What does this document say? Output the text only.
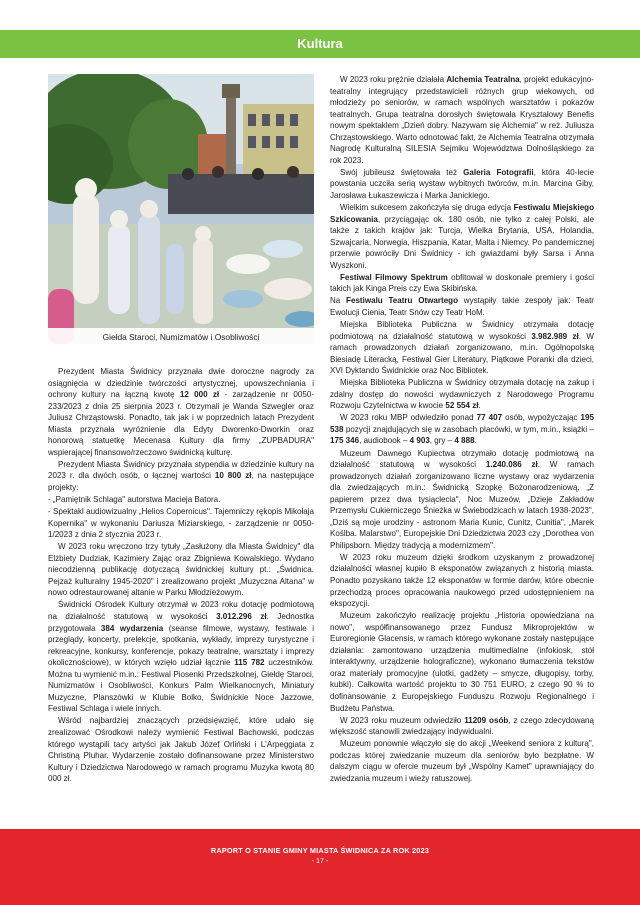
Kultura
Giełda Staroci, Numizmatów i Osobliwości

Prezydent Miasta Świdnicy przyznała dwie doroczne nagrody za osiągnięcia w dziedzinie twórczości artystycznej, upowszechniania i ochrony kultury na łączną kwotę 12 000 zł - zarządzenie nr 0050-233/2023 z dnia 25 sierpnia 2023 r. Otrzymali je Wanda Szwegler oraz Juliusz Chrząstowski. Ponadto, tak jak i w poprzednich latach Prezydent Miasta przyznała wyróżnienie dla Edyty Dworenko-Dworkin oraz honorową statuetkę Mecenasa Kultury dla firmy „ZUPBADURA" wspierającej finansowo/rzeczowo świdnicką kulturę.

Prezydent Miasta Świdnicy przyznała stypendia w dziedzinie kultury na 2023 r. dla dwóch osób, o łącznej wartości 10 800 zł, na następujące projekty:

- „Pamiętnik Schlaga" autorstwa Macieja Batora.

- Spektakl audiowizualny „Helios Copernicus". Tajemniczy rękopis Mikołaja Kopernika" w wykonaniu Dariusza Miziarskiego, - zarządzenie nr 0050-1/2023 z dnia 2 stycznia 2023 r.

W 2023 roku wręczono trzy tytuły „Zasłużony dla Miasta Świdnicy" dla Elżbiety Dudziak, Kazimiery Zając oraz Zbigniewa Kowalskiego. Wydano niecodzienną publikację dotyczącą świdnickiej kultury pt.: „Świdnica. Pejzaż kulturalny 1945-2020" i zrealizowano projekt „Muzyczna Altana" w nowo odrestaurowanej altanie w Parku Młodzieżowym.

Świdnicki Ośrodek Kultury otrzymał w 2023 roku dotację podmiotową na działalność statutową w wysokości 3.012.296 zł. Jednostka przygotowała 384 wydarzenia (seanse filmowe, wystawy, festiwale i przeglądy, koncerty, prelekcje, spotkania, wykłady, imprezy turystyczne i rekreacyjne, konkursy, konferencje, pokazy teatralne, warsztaty i imprezy okolicznościowe), w których wzięło udział łącznie 115 782 uczestników. Można tu wymienić m.in.: Festiwal Piosenki Przedszkolnej, Giełdę Staroci, Numizmatów i Osobliwości, Konkurs Palm Wielkanocnych, Miniatury Muzyczne, Planszówki w Klubie Bolko, Świdnickie Noce Jazzowe, Festiwal Schlaga i wiele innych.

Wśród najbardziej znaczących przedsięwzięć, które udało się zrealizować Ośrodkowi należy wymienić Festiwal Bachowski, podczas którego wystąpili tacy artyści jak Jakub Józef Orliński i L'Arpeggiata z Christiną Pluhar. Wydarzenie zostało dofinansowane przez Ministerstwo Kultury i Dziedzictwa Narodowego w ramach programu Muzyka kwotą 80 000 zł.

W 2023 roku prężnie działała Alchemia Teatralna, projekt edukacyjno-teatralny integrujący przedstawicieli różnych grup wiekowych, od młodzieży po seniorów, w ramach wspólnych warsztatów i pokazów teatralnych. Grupa teatralna dorosłych świętowała Kryształowy Benefis nowym spektaklem „Dzień dobry. Nazywam się Alchemia" w reż. Juliusza Chrząstowskiego. Warto odnotować fakt, że Alchemia Teatralna otrzymała Nagrodę Kulturalną SILESIA Sejmiku Województwa Dolnośląskiego za rok 2023.

Swój jubileusz świętowała też Galeria Fotografii, która 40-lecie powstania uczciła serią wystaw wybitnych twórców, m.in. Marcina Giby, Jarosława Łukaszewicza i Marka Janickiego.

Wielkim sukcesem zakończyła się druga edycja Festiwalu Miejskiego Szkicowania, przyciągając ok. 180 osób, nie tylko z całej Polski, ale także z takich krajów jak: Turcja, Wielka Brytania, USA, Holandia, Szwajcaria, Norwegia, Hiszpania, Katar, Malta i Niemcy. Po pandemicznej przerwie powróciły Dni Świdnicy - ich gwiazdami były Sarsa i Anna Wyszkoni.

Festiwal Filmowy Spektrum obfitował w doskonałe premiery i gości takich jak Kinga Preis czy Ewa Skibińska.

Na Festiwalu Teatru Otwartego wystąpiły takie zespoły jak: Teatr Ewolucji Cienia, Teatr Snów czy Teatr HoM.

Miejska Biblioteka Publiczna w Świdnicy otrzymała dotację podmiotową na działalność statutową w wysokości 3.982.989 zł. W ramach prowadzonych działań zorganizowano, m.in. Ogólnopolską Biesiadę Literacką, Festiwal Gier Literatury, Piątkowe Poranki dla dzieci, XVI Dyktando Świdnickie oraz Noc Bibliotek.

Miejska Biblioteka Publiczna w Świdnicy otrzymała dotację na zakup i zdalny dostęp do nowości wydawniczych z Narodowego Programu Rozwoju Czytelnictwa w kwocie 52 554 zł.

W 2023 roku MBP odwiedziło ponad 77 407 osób, wypożyczając 195 538 pozycji znajdujących się w zasobach placówki, w tym, m.in., książki – 175 346, audiobook – 4 903, gry – 4 888.

Muzeum Dawnego Kupiectwa otrzymało dotację podmiotową na działalność statutową w wysokości 1.240.086 zł. W ramach prowadzonych działań zorganizowano liczne wystawy oraz wydarzenia dla zwiedzających m.in.: Świdnicką Szopkę Bożonarodzeniową, „Z papierem przez dwa tysiąclecia", Noc Muzeów, „Dzieje Zakładów Przemysłu Cukierniczego Śnieżka w Świebodzicach w latach 1938-2023", „Dziś są moje urodziny - astronom Maria Kunic, Cunitz, Cunitia", „Marek Koślba. Malarstwo", Europejskie Dni Dziedzictwa 2023 czy „Dorothea von Philipsborn. Między tradycją a modernizmem".

W 2023 roku muzeum dzięki środkom uzyskanym z prowadzonej działalności własnej kupiło 8 eksponatów związanych z historią miasta. Ponadto pozyskano także 12 eksponatów w formie darów, które obecnie przechodzą proces opracowania naukowego przed udostępnieniem na ekspozycji.

Muzeum zakończyło realizację projektu „Historia opowiedziana na nowo", współfinansowanego przez Fundusz Mikroprojektów w Euroregionie Glacensis, w ramach którego wykonane zostały następujące działania: zamontowano urządzenia multimedialne (infokiosk, stół interaktywny, urządzenie holograficzne), wykonano tłumaczenia tekstów oraz materiały promocyjne (ulotki, gadżety – smycze, długopisy, torby, kubki). Całkowita wartość projektu to 30 751 EURO, z czego 90 % to dofinansowanie z Europejskiego Funduszu Rozwoju Regionalnego i Budżetu Państwa.

W 2023 roku muzeum odwiedziło 11209 osób, z czego zdecydowaną większość stanowili zwiedzający indywidualni.

Muzeum ponownie włączyło się do akcji „Weekend seniora z kulturą", podczas której zwiedzanie muzeum dla seniorów było bezpłatne. W dalszym ciągu w ofercie muzeum był „Wspólny Kamet" uprawniający do zwiedzania muzeum i wieży ratuszowej.

RAPORT O STANIE GMINY MIASTA ŚWIDNICA ZA ROK 2023
- 17 -
